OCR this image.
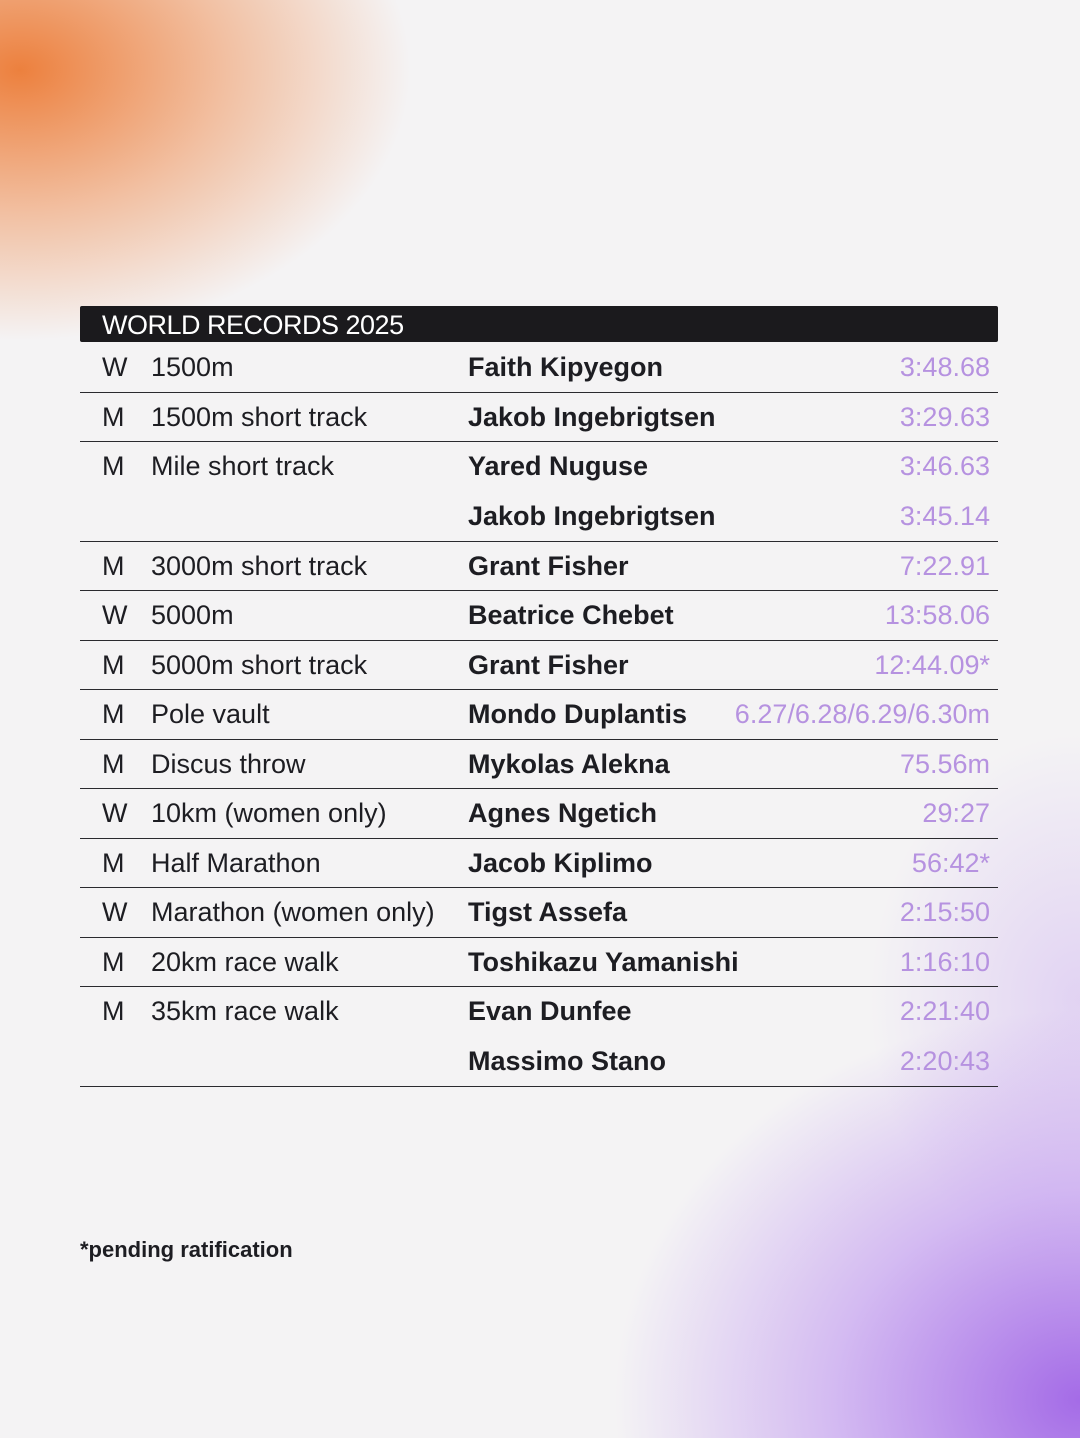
WORLD RECORDS 2025
W 1500m	Faith Kipyegon	3:48.68
M 1500m short track	Jakob Ingebrigtsen	3:29.63
M Mile short track	Yared Nuguse	3:46.63
Jakob Ingebrigtsen	3:45.14
M 3000m short track	Grant Fisher	7:22.91
W 5000m	Beatrice Chebet	13:58.06
M 5000m short track	Grant Fisher	12:44.09*
M Pole vault	Mondo Duplantis 6.27/6.28/6.29/6.30m
M Discus throw	Mykolas Alekna	75.56m
W 10km (women only)	Agnes Ngetich	29:27
M Half Marathon	Jacob Kiplimo	56:42*
W Marathon (women only) Tigst Assefa	2:15:50
M 20km race walk	Toshikazu Yamanishi	1:16:10
M 35km race walk	Evan Dunfee	2:21:40
Massimo Stano	2:20:43
*pending ratification
